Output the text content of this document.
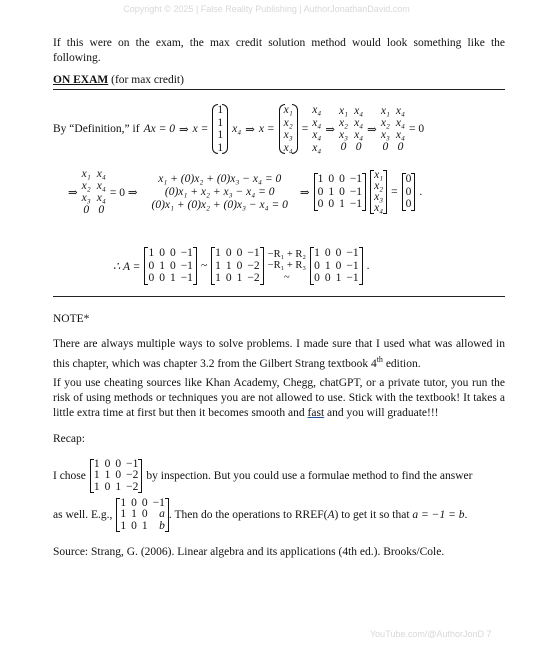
Copyright © 2025 | False Reality Publishing | AuthorJonathanDavid.com
If this were on the exam, the max credit solution method would look something like the following.
ON EXAM (for max credit)
By “Definition,” if Ax = 0 ⇒ x =
1
1
1
1
x₄ ⇒ x =
x₁
x₂
x₃
x₄
=
x₄
x₄
x₄
x₄
⇒
x₁ x₄
x₂ x₄
x₃ x₄
0 0
⇒
x₁ x₄
x₂ x₄
x₃ x₄
0 0
= 0
⇒
x₁ x₄
x₂ x₄
x₃ x₄
0 0
= 0 ⇒
x₁ + (0)x₂ + (0)x₃ − x₄ = 0
(0)x₁ + x₂ + x₃ − x₄ = 0
(0)x₁ + (0)x₂ + (0)x₃ − x₄ = 0
⇒
1 0 0 −1
0 1 0 −1
0 0 1 −1
x₁
x₂
x₃
x₄
=
0
0
0
.
∴ A =
1 0 0 −1
0 1 0 −1
0 0 1 −1
~
1 0 0 −1
1 1 0 −2
1 0 1 −2
−R₁ + R₂
−R₁ + R₃
~
1 0 0 −1
0 1 0 −1
0 0 1 −1
.
NOTE*
There are always multiple ways to solve problems. I made sure that I used what was allowed in this chapter, which was chapter 3.2 from the Gilbert Strang textbook 4th edition.
If you use cheating sources like Khan Academy, Chegg, chatGPT, or a private tutor, you run the risk of using methods or techniques you are not allowed to use. Stick with the textbook! It takes a little extra time at first but then it becomes smooth and fast and you will graduate!!!
Recap:
I chose
1 0 0 −1
1 1 0 −2
1 0 1 −2
by inspection. But you could use a formulae method to find the answer
as well. E.g.,
1 0 0 −1
1 1 0	a
1 0 1	b
. Then do the operations to RREF(A) to get it so that a = −1 = b.
Source: Strang, G. (2006). Linear algebra and its applications (4th ed.). Brooks/Cole.
YouTube.com/@AuthorJonD 7
